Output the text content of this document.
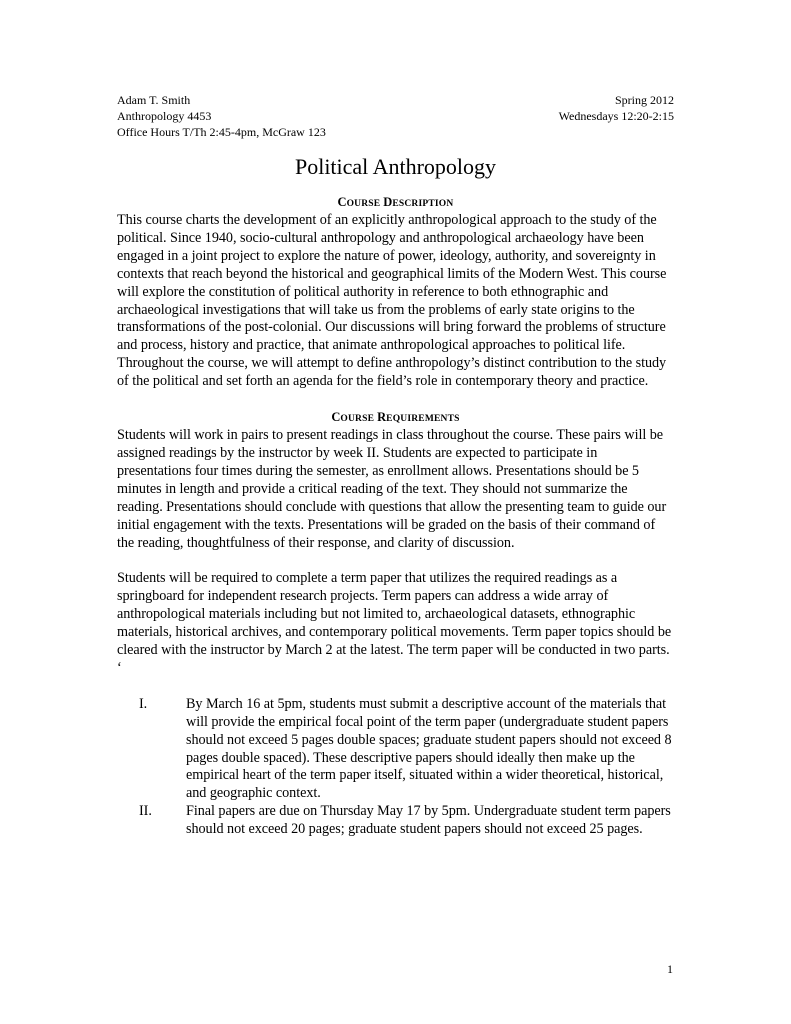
Adam T. Smith
Anthropology 4453
Office Hours T/Th 2:45-4pm, McGraw 123
Spring 2012
Wednesdays 12:20-2:15
Political Anthropology
COURSE DESCRIPTION

This course charts the development of an explicitly anthropological approach to the study of the political. Since 1940, socio-cultural anthropology and anthropological archaeology have been engaged in a joint project to explore the nature of power, ideology, authority, and sovereignty in contexts that reach beyond the historical and geographical limits of the Modern West. This course will explore the constitution of political authority in reference to both ethnographic and archaeological investigations that will take us from the problems of early state origins to the transformations of the post-colonial. Our discussions will bring forward the problems of structure and process, history and practice, that animate anthropological approaches to political life. Throughout the course, we will attempt to define anthropology’s distinct contribution to the study of the political and set forth an agenda for the field’s role in contemporary theory and practice.

COURSE REQUIREMENTS

Students will work in pairs to present readings in class throughout the course. These pairs will be assigned readings by the instructor by week II. Students are expected to participate in presentations four times during the semester, as enrollment allows. Presentations should be 5 minutes in length and provide a critical reading of the text. They should not summarize the reading. Presentations should conclude with questions that allow the presenting team to guide our initial engagement with the texts. Presentations will be graded on the basis of their command of the reading, thoughtfulness of their response, and clarity of discussion.

Students will be required to complete a term paper that utilizes the required readings as a springboard for independent research projects. Term papers can address a wide array of anthropological materials including but not limited to, archaeological datasets, ethnographic materials, historical archives, and contemporary political movements. Term paper topics should be cleared with the instructor by March 2 at the latest. The term paper will be conducted in two parts. ‘

I.	By March 16 at 5pm, students must submit a descriptive account of the materials that will provide the empirical focal point of the term paper (undergraduate student papers should not exceed 5 pages double spaces; graduate student papers should not exceed 8 pages double spaced). These descriptive papers should ideally then make up the empirical heart of the term paper itself, situated within a wider theoretical, historical, and geographic context.
II.	Final papers are due on Thursday May 17 by 5pm. Undergraduate student term papers should not exceed 20 pages; graduate student papers should not exceed 25 pages.
1
